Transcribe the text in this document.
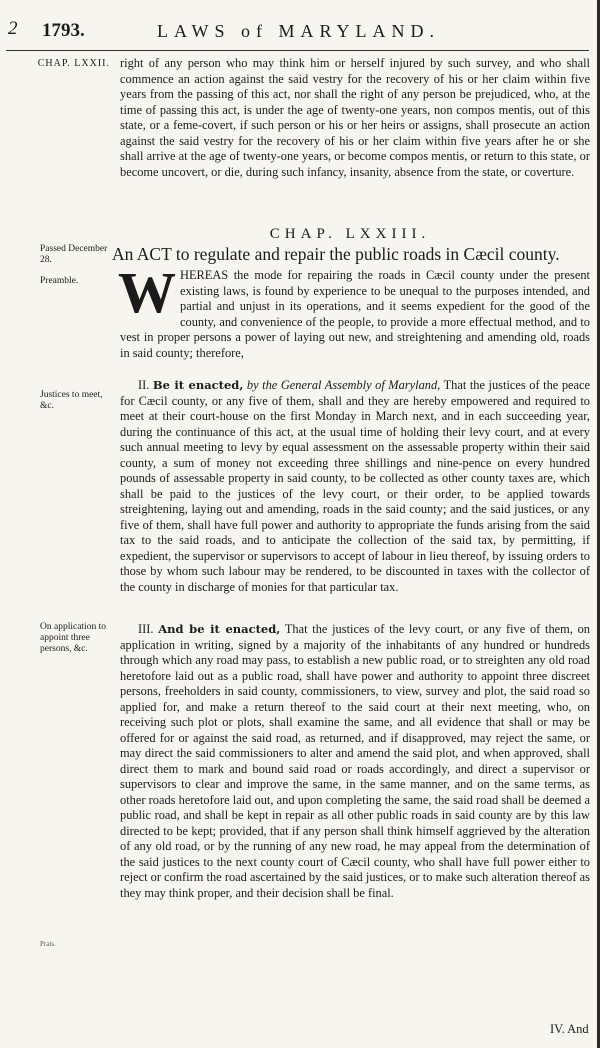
2 1793.	LAWS of MARYLAND.
CHAP. LXXII.
Passed December 28.
Preamble.
Justices to meet, &c.
On application to appoint three persons, &c.
Prais.

right of any person who may think him or herself injured by such survey, and who shall commence an action against the said vestry for the recovery of his or her claim within five years from the passing of this act, nor shall the right of any person be prejudiced, who, at the time of passing this act, is under the age of twenty-one years, non compos mentis, out of this state, or a feme-covert, if such person or his or her heirs or assigns, shall prosecute an action against the said vestry for the recovery of his or her claim within five years after he or she shall arrive at the age of twenty-one years, or become compos mentis, or return to this state, or become uncovert, or die, during such infancy, insanity, absence from the state, or coverture.

CHAP. LXXIII.
An ACT to regulate and repair the public roads in Cæcil county.
W HEREAS the mode for repairing the roads in Cæcil county under the present existing laws, is found by experience to be unequal to the purposes intended, and partial and unjust in its operations, and it seems expedient for the good of the county, and convenience of the people, to provide a more effectual method, and to vest in proper persons a power of laying out new, and streightening and amending old, roads in said county; therefore,

II. Be it enacted, by the General Assembly of Maryland, That the justices of the peace for Cæcil county, or any five of them, shall and they are hereby empowered and required to meet at their court-house on the first Monday in March next, and in each succeeding year, during the continuance of this act, at the usual time of holding their levy court, and at every such annual meeting to levy by equal assessment on the assessable property within their said county, a sum of money not exceeding three shillings and nine-pence on every hundred pounds of assessable property in said county, to be collected as other county taxes are, which shall be paid to the justices of the levy court, or their order, to be applied towards streightening, laying out and amending, roads in the said county; and the said justices, or any five of them, shall have full power and authority to appropriate the funds arising from the said tax to the said roads, and to anticipate the collection of the said tax, by permitting, if expedient, the supervisor or supervisors to accept of labour in lieu thereof, by issuing orders to those by whom such labour may be rendered, to be discounted in taxes with the collector of the county in discharge of monies for that particular tax.

III. And be it enacted, That the justices of the levy court, or any five of them, on application in writing, signed by a majority of the inhabitants of any hundred or hundreds through which any road may pass, to establish a new public road, or to streighten any old road heretofore laid out as a public road, shall have power and authority to appoint three discreet persons, freeholders in said county, commissioners, to view, survey and plot, the said road so applied for, and make a return thereof to the said court at their next meeting, who, on receiving such plot or plots, shall examine the same, and all evidence that shall or may be offered for or against the said road, as returned, and if disapproved, may reject the same, or may direct the said commissioners to alter and amend the said plot, and when approved, shall direct them to mark and bound said road or roads accordingly, and direct a supervisor or supervisors to clear and improve the same, in the same manner, and on the same terms, as other roads heretofore laid out, and upon completing the same, the said road shall be deemed a public road, and shall be kept in repair as all other public roads in said county are by this law directed to be kept; provided, that if any person shall think himself aggrieved by the alteration of any old road, or by the running of any new road, he may appeal from the determination of the said justices to the next county court of Cæcil county, who shall have full power either to reject or confirm the road ascertained by the said justices, or to make such alteration thereof as they may think proper, and their decision shall be final.

IV. And
